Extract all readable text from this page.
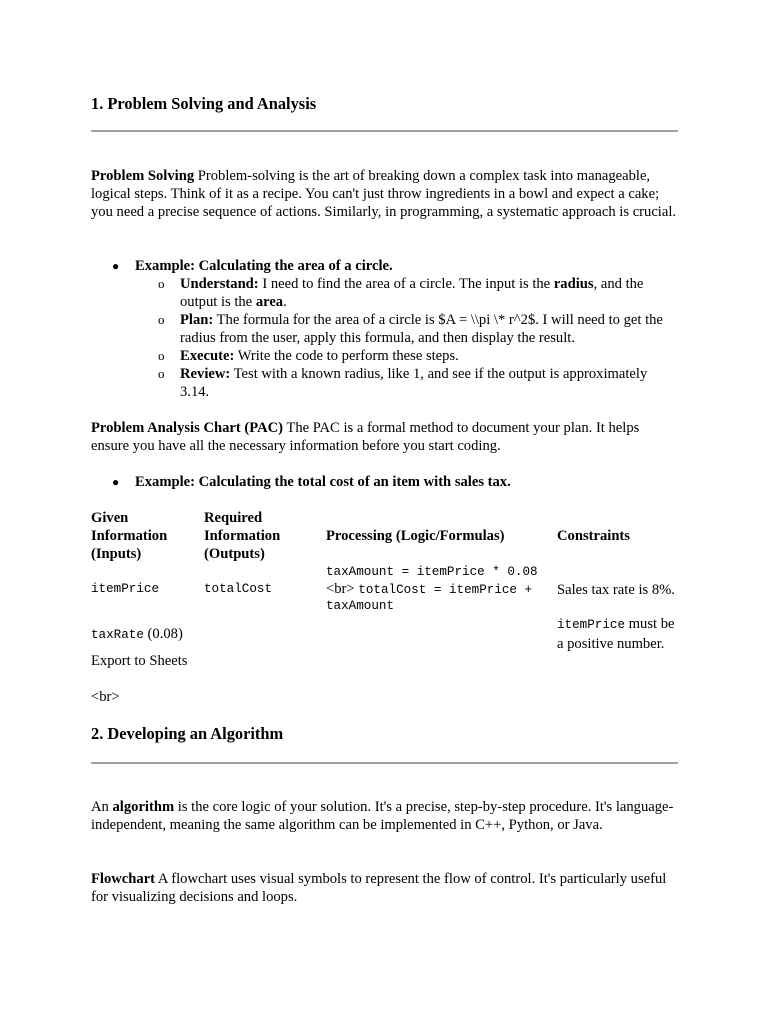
1. Problem Solving and Analysis

Problem Solving Problem-solving is the art of breaking down a complex task into manageable, logical steps. Think of it as a recipe. You can't just throw ingredients in a bowl and expect a cake; you need a precise sequence of actions. Similarly, in programming, a systematic approach is crucial.

● Example: Calculating the area of a circle.
o Understand: I need to find the area of a circle. The input is the radius, and the output is the area.

o Plan: The formula for the area of a circle is $A = \\pi \* r^2$. I will need to get the radius from the user, apply this formula, and then display the result.

o Execute: Write the code to perform these steps.

o Review: Test with a known radius, like 1, and see if the output is approximately 3.14.

Problem Analysis Chart (PAC) The PAC is a formal method to document your plan. It helps ensure you have all the necessary information before you start coding.

● Example: Calculating the total cost of an item with sales tax.
Given Information (Inputs)
Required Information (Outputs)
Processing (Logic/Formulas)	Constraints
itemPrice	totalCost
taxAmount = itemPrice * 0.08
<br> totalCost = itemPrice +
taxAmount
Sales tax rate is 8%.
itemPrice must be
a positive number.
taxRate (0.08)
Export to Sheets
<br>
2. Developing an Algorithm

An algorithm is the core logic of your solution. It's a precise, step-by-step procedure. It's language-independent, meaning the same algorithm can be implemented in C++, Python, or Java.

Flowchart A flowchart uses visual symbols to represent the flow of control. It's particularly useful for visualizing decisions and loops.
